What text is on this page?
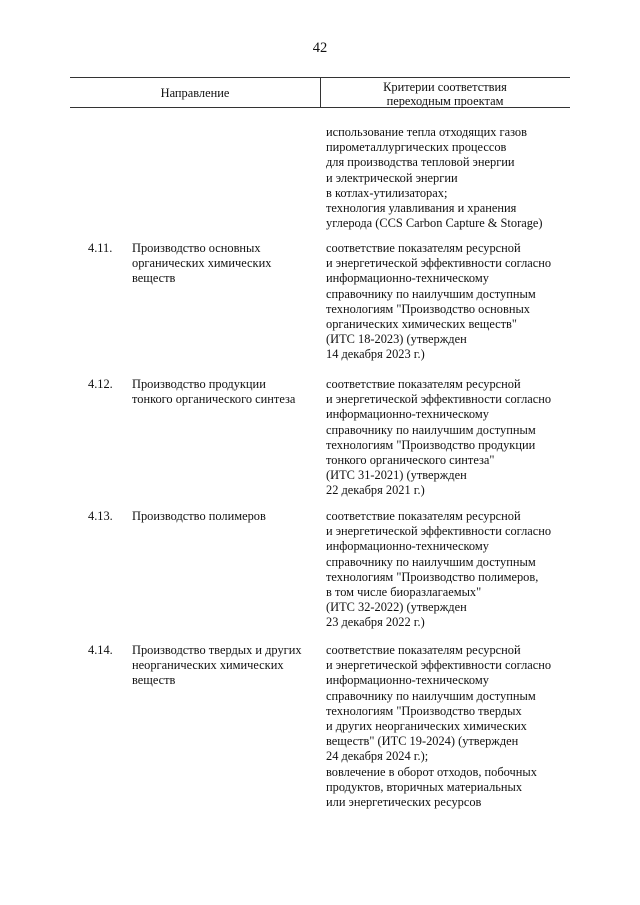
42
Направление	Критерии соответствия
переходным проектам
использование тепла отходящих газов
пирометаллургических процессов
для производства тепловой энергии
и электрической энергии
в котлах-утилизаторах;
технология улавливания и хранения
углерода (CCS Carbon Capture & Storage)
4.11. Производство основных
органических химических
веществ
соответствие показателям ресурсной
и энергетической эффективности согласно
информационно-техническому
справочнику по наилучшим доступным
технологиям "Производство основных
органических химических веществ"
(ИТС 18-2023) (утвержден
14 декабря 2023 г.)
4.12. Производство продукции
тонкого органического синтеза
соответствие показателям ресурсной
и энергетической эффективности согласно
информационно-техническому
справочнику по наилучшим доступным
технологиям "Производство продукции
тонкого органического синтеза"
(ИТС 31-2021) (утвержден
22 декабря 2021 г.)
4.13. Производство полимеров	соответствие показателям ресурсной
и энергетической эффективности согласно
информационно-техническому
справочнику по наилучшим доступным
технологиям "Производство полимеров,
в том числе биоразлагаемых"
(ИТС 32-2022) (утвержден
23 декабря 2022 г.)
4.14. Производство твердых и других
неорганических химических
веществ
соответствие показателям ресурсной
и энергетической эффективности согласно
информационно-техническому
справочнику по наилучшим доступным
технологиям "Производство твердых
и других неорганических химических
веществ" (ИТС 19-2024) (утвержден
24 декабря 2024 г.);
вовлечение в оборот отходов, побочных
продуктов, вторичных материальных
или энергетических ресурсов
